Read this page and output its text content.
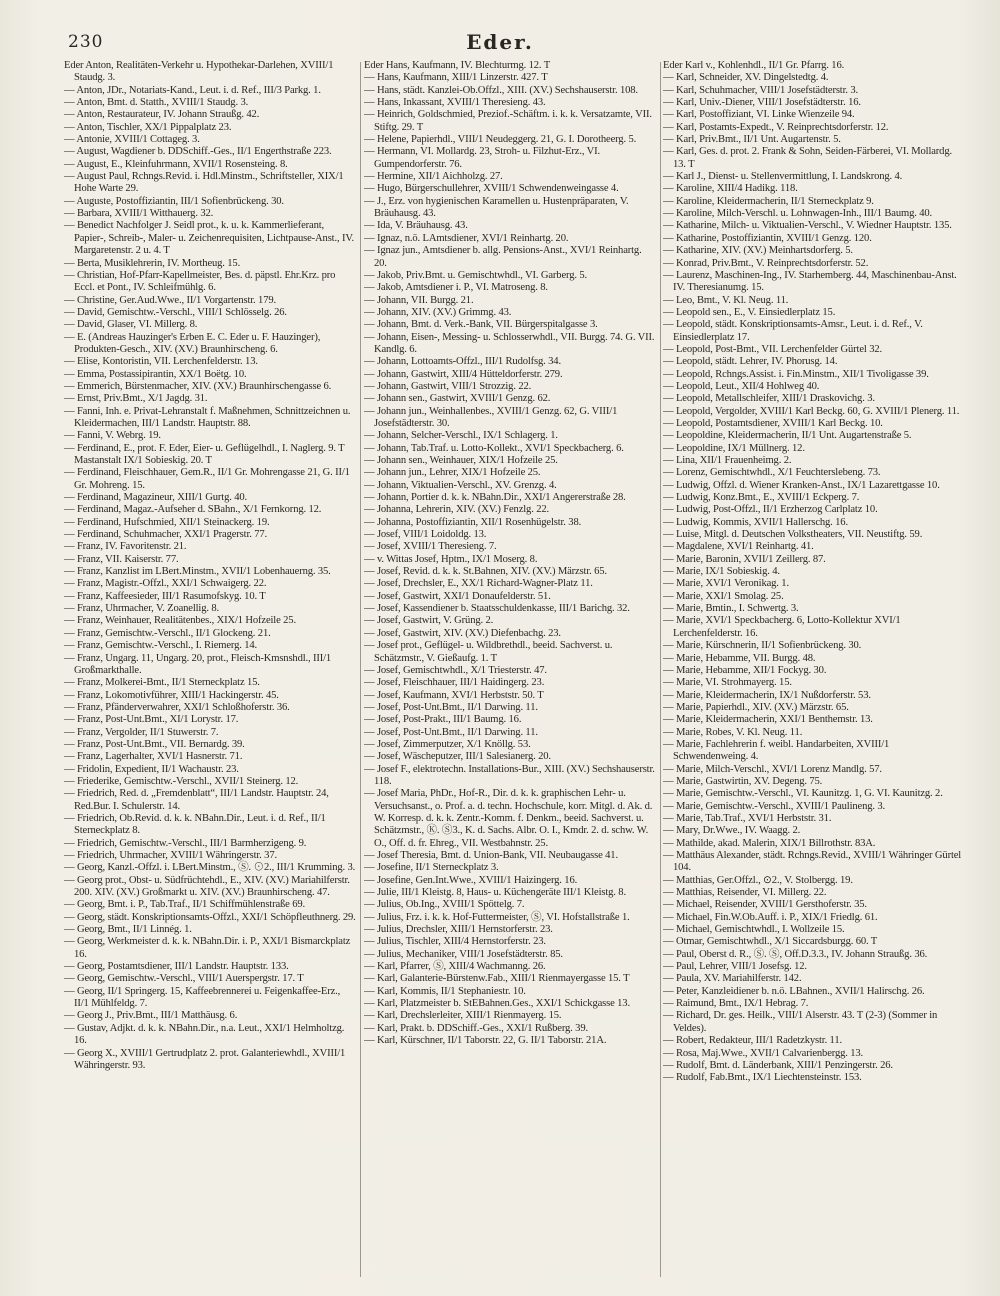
230	Eder.

Eder Anton, Realitäten-Verkehr u. Hypothekar-Darlehen, XVIII/1 Staudg. 3.

— Anton, JDr., Notariats-Kand., Leut. i. d. Ref., III/3 Parkg. 1.

— Anton, Bmt. d. Statth., XVIII/1 Staudg. 3.

— Anton, Restaurateur, IV. Johann Straußg. 42.

— Anton, Tischler, XX/1 Pippalplatz 23.

— Antonie, XVIII/1 Cottageg. 3.

— August, Wagdiener b. DDSchiff.-Ges., II/1 Engerthstraße 223.

— August, E., Kleinfuhrmann, XVII/1 Rosensteing. 8.

— August Paul, Rchngs.Revid. i. Hdl.Minstm., Schriftsteller, XIX/1 Hohe Warte 29.

— Auguste, Postoffiziantin, III/1 Sofienbrückeng. 30.

— Barbara, XVIII/1 Witthauerg. 32.

— Benedict Nachfolger J. Seidl prot., k. u. k. Kammerlieferant, Papier-, Schreib-, Maler- u. Zeichenrequisiten, Lichtpause-Anst., IV. Margaretenstr. 2 u. 4. T

— Berta, Musiklehrerin, IV. Mortheug. 15.

— Christian, Hof-Pfarr-Kapellmeister, Bes. d. päpstl. Ehr.Krz. pro Eccl. et Pont., IV. Schleifmühlg. 6.

— Christine, Ger.Aud.Wwe., II/1 Vorgartenstr. 179.

— David, Gemischtw.-Verschl., VIII/1 Schlösselg. 26.

— David, Glaser, VI. Millerg. 8.

— E. (Andreas Hauzinger's Erben E. C. Eder u. F. Hauzinger), Produkten-Gesch., XIV. (XV.) Braunhirscheng. 6.

— Elise, Kontoristin, VII. Lerchenfelderstr. 13.

— Emma, Postassipirantin, XX/1 Boëtg. 10.

— Emmerich, Bürstenmacher, XIV. (XV.) Braunhirschengasse 6.

— Ernst, Priv.Bmt., X/1 Jagdg. 31.

— Fanni, Inh. e. Privat-Lehranstalt f. Maßnehmen, Schnittzeichnen u. Kleidermachen, III/1 Landstr. Hauptstr. 88.

— Fanni, V. Webrg. 19.

— Ferdinand, E., prot. F. Eder, Eier- u. Geflügelhdl., I. Naglerg. 9. T Mastanstalt IX/1 Sobieskig. 20. T

— Ferdinand, Fleischhauer, Gem.R., II/1 Gr. Mohrengasse 21, G. II/1 Gr. Mohreng. 15.

— Ferdinand, Magazineur, XIII/1 Gurtg. 40.

— Ferdinand, Magaz.-Aufseher d. SBahn., X/1 Fernkorng. 12.

— Ferdinand, Hufschmied, XII/1 Steinackerg. 19.

— Ferdinand, Schuhmacher, XXI/1 Pragerstr. 77.

— Franz, IV. Favoritenstr. 21.

— Franz, VII. Kaiserstr. 77.

— Franz, Kanzlist im LBert.Minstm., XVII/1 Lobenhauerng. 35.

— Franz, Magistr.-Offzl., XXI/1 Schwaigerg. 22.

— Franz, Kaffeesieder, III/1 Rasumofskyg. 10. T

— Franz, Uhrmacher, V. Zoanellig. 8.

— Franz, Weinhauer, Realitätenbes., XIX/1 Hofzeile 25.

— Franz, Gemischtw.-Verschl., II/1 Glockeng. 21.

— Franz, Gemischtw.-Verschl., I. Riemerg. 14.

— Franz, Ungarg. 11, Ungarg. 20, prot., Fleisch-Kmsnshdl., III/1 Großmarkthalle.

— Franz, Molkerei-Bmt., II/1 Sterneckplatz 15.

— Franz, Lokomotivführer, XIII/1 Hackingerstr. 45.

— Franz, Pfänderverwahrer, XXI/1 Schloßhoferstr. 36.

— Franz, Post-Unt.Bmt., XI/1 Lorystr. 17.

— Franz, Vergolder, II/1 Stuwerstr. 7.

— Franz, Post-Unt.Bmt., VII. Bernardg. 39.

— Franz, Lagerhalter, XVI/1 Hasnerstr. 71.

— Fridolin, Expedient, II/1 Wachaustr. 23.

— Friederike, Gemischtw.-Verschl., XVII/1 Steinerg. 12.

— Friedrich, Red. d. „Fremdenblatt“, III/1 Landstr. Hauptstr. 24, Red.Bur. I. Schulerstr. 14.

— Friedrich, Ob.Revid. d. k. k. NBahn.Dir., Leut. i. d. Ref., II/1 Sterneckplatz 8.

— Friedrich, Gemischtw.-Verschl., III/1 Barmherzigeng. 9.

— Friedrich, Uhrmacher, XVIII/1 Währingerstr. 37.

— Georg, Kanzl.-Offzl. i. LBert.Minstm., Ⓢ. ⊙2., III/1 Krumming. 3.

— Georg prot., Obst- u. Südfrüchtehdl., E., XIV. (XV.) Mariahilferstr. 200. XIV. (XV.) Großmarkt u. XIV. (XV.) Braunhirscheng. 47.

— Georg, Bmt. i. P., Tab.Traf., II/1 Schiffmühlenstraße 69.

— Georg, städt. Konskriptionsamts-Offzl., XXI/1 Schöpfleuthnerg. 29.

— Georg, Bmt., II/1 Linnég. 1.

— Georg, Werkmeister d. k. k. NBahn.Dir. i. P., XXI/1 Bismarckplatz 16.

— Georg, Postamtsdiener, III/1 Landstr. Hauptstr. 133.

— Georg, Gemischtw.-Verschl., VIII/1 Auerspergstr. 17. T

— Georg, II/1 Springerg. 15, Kaffeebrennerei u. Feigenkaffee-Erz., II/1 Mühlfeldg. 7.

— Georg J., Priv.Bmt., III/1 Matthäusg. 6.

— Gustav, Adjkt. d. k. k. NBahn.Dir., n.a. Leut., XXI/1 Helmholtzg. 16.

— Georg X., XVIII/1 Gertrudplatz 2. prot. Galanteriewhdl., XVIII/1 Währingerstr. 93.

Eder Hans, Kaufmann, IV. Blechturmg. 12. T

— Hans, Kaufmann, XIII/1 Linzerstr. 427. T

— Hans, städt. Kanzlei-Ob.Offzl., XIII. (XV.) Sechshauserstr. 108.

— Hans, Inkassant, XVIII/1 Theresieng. 43.

— Heinrich, Goldschmied, Preziof.-Schäftm. i. k. k. Versatzamte, VII. Stiftg. 29. T

— Helene, Papierhdl., VIII/1 Neudeggerg. 21, G. I. Dorotheerg. 5.

— Hermann, VI. Mollardg. 23, Stroh- u. Filzhut-Erz., VI. Gumpendorferstr. 76.

— Hermine, XII/1 Aichholzg. 27.

— Hugo, Bürgerschullehrer, XVIII/1 Schwendenweingasse 4.

— J., Erz. von hygienischen Karamellen u. Hustenpräparaten, V. Bräuhausg. 43.

— Ida, V. Bräuhausg. 43.

— Ignaz, n.ö. LAmtsdiener, XVI/1 Reinhartg. 20.

— Ignaz jun., Amtsdiener b. allg. Pensions-Anst., XVI/1 Reinhartg. 20.

— Jakob, Priv.Bmt. u. Gemischtwhdl., VI. Garberg. 5.

— Jakob, Amtsdiener i. P., VI. Matroseng. 8.

— Johann, VII. Burgg. 21.

— Johann, XIV. (XV.) Grimmg. 43.

— Johann, Bmt. d. Verk.-Bank, VII. Bürgerspitalgasse 3.

— Johann, Eisen-, Messing- u. Schlosserwhdl., VII. Burgg. 74. G. VII. Kandlg. 6.

— Johann, Lottoamts-Offzl., III/1 Rudolfsg. 34.

— Johann, Gastwirt, XIII/4 Hütteldorferstr. 279.

— Johann, Gastwirt, VIII/1 Strozzig. 22.

— Johann sen., Gastwirt, XVIII/1 Genzg. 62.

— Johann jun., Weinhallenbes., XVIII/1 Genzg. 62, G. VIII/1 Josefstädterstr. 30.

— Johann, Selcher-Verschl., IX/1 Schlagerg. 1.

— Johann, Tab.Traf. u. Lotto-Kollekt., XVI/1 Speckbacherg. 6.

— Johann sen., Weinhauer, XIX/1 Hofzeile 25.

— Johann jun., Lehrer, XIX/1 Hofzeile 25.

— Johann, Viktualien-Verschl., XV. Grenzg. 4.

— Johann, Portier d. k. k. NBahn.Dir., XXI/1 Angererstraße 28.

— Johanna, Lehrerin, XIV. (XV.) Fenzlg. 22.

— Johanna, Postoffiziantin, XII/1 Rosenhügelstr. 38.

— Josef, VIII/1 Loidoldg. 13.

— Josef, XVIII/1 Theresieng. 7.

— v. Wittas Josef, Hptm., IX/1 Moserg. 8.

— Josef, Revid. d. k. k. St.Bahnen, XIV. (XV.) Märzstr. 65.

— Josef, Drechsler, E., XX/1 Richard-Wagner-Platz 11.

— Josef, Gastwirt, XXI/1 Donaufelderstr. 51.

— Josef, Kassendiener b. Staatsschuldenkasse, III/1 Barichg. 32.

— Josef, Gastwirt, V. Grüng. 2.

— Josef, Gastwirt, XIV. (XV.) Diefenbachg. 23.

— Josef prot., Geflügel- u. Wildbrethdl., beeid. Sachverst. u. Schätzmstr., V. Gießaufg. 1. T

— Josef, Gemischtwhdl., X/1 Triesterstr. 47.

— Josef, Fleischhauer, III/1 Haidingerg. 23.

— Josef, Kaufmann, XVI/1 Herbststr. 50. T

— Josef, Post-Unt.Bmt., II/1 Darwing. 11.

— Josef, Post-Prakt., III/1 Baumg. 16.

— Josef, Post-Unt.Bmt., II/1 Darwing. 11.

— Josef, Zimmerputzer, X/1 Knöllg. 53.

— Josef, Wäscheputzer, III/1 Salesianerg. 20.

— Josef F., elektrotechn. Installations-Bur., XIII. (XV.) Sechshauserstr. 118.

— Josef Maria, PhDr., Hof-R., Dir. d. k. k. graphischen Lehr- u. Versuchsanst., o. Prof. a. d. techn. Hochschule, korr. Mitgl. d. Ak. d. W. Korresp. d. k. k. Zentr.-Komm. f. Denkm., beeid. Sachverst. u. Schätzmstr., Ⓚ. Ⓢ3., K. d. Sachs. Albr. O. I., Kmdr. 2. d. schw. W. O., Off. d. fr. Ehreg., VII. Westbahnstr. 25.

— Josef Theresia, Bmt. d. Union-Bank, VII. Neubaugasse 41.

— Josefine, II/1 Sterneckplatz 3.

— Josefine, Gen.Int.Wwe., XVIII/1 Haizingerg. 16.

— Julie, III/1 Kleistg. 8, Haus- u. Küchengeräte III/1 Kleistg. 8.

— Julius, Ob.Ing., XVIII/1 Spöttelg. 7.

— Julius, Frz. i. k. k. Hof-Futtermeister, Ⓢ, VI. Hofstallstraße 1.

— Julius, Drechsler, XIII/1 Hernstorferstr. 23.

— Julius, Tischler, XIII/4 Hernstorferstr. 23.

— Julius, Mechaniker, VIII/1 Josefstädterstr. 85.

— Karl, Pfarrer, Ⓢ, XIII/4 Wachmanng. 26.

— Karl, Galanterie-Bürstenw.Fab., XIII/1 Rienmayergasse 15. T

— Karl, Kommis, II/1 Stephaniestr. 10.

— Karl, Platzmeister b. StEBahnen.Ges., XXI/1 Schickgasse 13.

— Karl, Drechslerleiter, XIII/1 Rienmayerg. 15.

— Karl, Prakt. b. DDSchiff.-Ges., XXI/1 Rußberg. 39.

— Karl, Kürschner, II/1 Taborstr. 22, G. II/1 Taborstr. 21A.

Eder Karl v., Kohlenhdl., II/1 Gr. Pfarrg. 16.

— Karl, Schneider, XV. Dingelstedtg. 4.

— Karl, Schuhmacher, VIII/1 Josefstädterstr. 3.

— Karl, Univ.-Diener, VIII/1 Josefstädterstr. 16.

— Karl, Postoffiziant, VI. Linke Wienzeile 94.

— Karl, Postamts-Expedt., V. Reinprechtsdorferstr. 12.

— Karl, Priv.Bmt., II/1 Unt. Augartenstr. 5.

— Karl, Ges. d. prot. 2. Frank & Sohn, Seiden-Färberei, VI. Mollardg. 13. T

— Karl J., Dienst- u. Stellenvermittlung, I. Landskrong. 4.

— Karoline, XIII/4 Hadikg. 118.

— Karoline, Kleidermacherin, II/1 Sterneckplatz 9.

— Karoline, Milch-Verschl. u. Lohnwagen-Inh., III/1 Baumg. 40.

— Katharine, Milch- u. Viktualien-Verschl., V. Wiedner Hauptstr. 135.

— Katharine, Postoffiziantin, XVIII/1 Genzg. 120.

— Katharine, XIV. (XV.) Meinhartsdorferg. 5.

— Konrad, Priv.Bmt., V. Reinprechtsdorferstr. 52.

— Laurenz, Maschinen-Ing., IV. Starhemberg. 44, Maschinenbau-Anst. IV. Theresianumg. 15.

— Leo, Bmt., V. Kl. Neug. 11.

— Leopold sen., E., V. Einsiedlerplatz 15.

— Leopold, städt. Konskriptionsamts-Amsr., Leut. i. d. Ref., V. Einsiedlerplatz 17.

— Leopold, Post-Bmt., VII. Lerchenfelder Gürtel 32.

— Leopold, städt. Lehrer, IV. Phorusg. 14.

— Leopold, Rchngs.Assist. i. Fin.Minstm., XII/1 Tivoligasse 39.

— Leopold, Leut., XII/4 Hohlweg 40.

— Leopold, Metallschleifer, XIII/1 Draskovichg. 3.

— Leopold, Vergolder, XVIII/1 Karl Beckg. 60, G. XVIII/1 Plenerg. 11.

— Leopold, Postamtsdiener, XVIII/1 Karl Beckg. 10.

— Leopoldine, Kleidermacherin, II/1 Unt. Augartenstraße 5.

— Leopoldine, IX/1 Müllnerg. 12.

— Lina, XII/1 Frauenheimg. 2.

— Lorenz, Gemischtwhdl., X/1 Feuchterslebeng. 73.

— Ludwig, Offzl. d. Wiener Kranken-Anst., IX/1 Lazarettgasse 10.

— Ludwig, Konz.Bmt., E., XVIII/1 Eckperg. 7.

— Ludwig, Post-Offzl., II/1 Erzherzog Carlplatz 10.

— Ludwig, Kommis, XVII/1 Hallerschg. 16.

— Luise, Mitgl. d. Deutschen Volkstheaters, VII. Neustiftg. 59.

— Magdalene, XVI/1 Reinhartg. 41.

— Marie, Baronin, XVII/1 Zeillerg. 87.

— Marie, IX/1 Sobieskig. 4.

— Marie, XVI/1 Veronikag. 1.

— Marie, XXI/1 Smolag. 25.

— Marie, Bmtin., I. Schwertg. 3.

— Marie, XVI/1 Speckbacherg. 6, Lotto-Kollektur XVI/1 Lerchenfelderstr. 16.

— Marie, Kürschnerin, II/1 Sofienbrückeng. 30.

— Marie, Hebamme, VII. Burgg. 48.

— Marie, Hebamme, XII/1 Fockyg. 30.

— Marie, VI. Strohmayerg. 15.

— Marie, Kleidermacherin, IX/1 Nußdorferstr. 53.

— Marie, Papierhdl., XIV. (XV.) Märzstr. 65.

— Marie, Kleidermacherin, XXI/1 Benthemstr. 13.

— Marie, Robes, V. Kl. Neug. 11.

— Marie, Fachlehrerin f. weibl. Handarbeiten, XVIII/1 Schwendenweing. 4.

— Marie, Milch-Verschl., XVI/1 Lorenz Mandlg. 57.

— Marie, Gastwirtin, XV. Degeng. 75.

— Marie, Gemischtw.-Verschl., VI. Kaunitzg. 1, G. VI. Kaunitzg. 2.

— Marie, Gemischtw.-Verschl., XVIII/1 Paulineng. 3.

— Marie, Tab.Traf., XVI/1 Herbststr. 31.

— Mary, Dr.Wwe., IV. Waagg. 2.

— Mathilde, akad. Malerin, XIX/1 Billrothstr. 83A.

— Matthäus Alexander, städt. Rchngs.Revid., XVIII/1 Währinger Gürtel 104.

— Matthias, Ger.Offzl., ⊙2., V. Stolbergg. 19.

— Matthias, Reisender, VI. Millerg. 22.

— Michael, Reisender, XVIII/1 Gersthoferstr. 35.

— Michael, Fin.W.Ob.Auff. i. P., XIX/1 Friedlg. 61.

— Michael, Gemischtwhdl., I. Wollzeile 15.

— Otmar, Gemischtwhdl., X/1 Siccardsburgg. 60. T

— Paul, Oberst d. R., Ⓢ. Ⓢ, Off.D.3.3., IV. Johann Straußg. 36.

— Paul, Lehrer, VIII/1 Josefsg. 12.

— Paula, XV. Mariahilferstr. 142.

— Peter, Kanzleidiener b. n.ö. LBahnen., XVII/1 Halirschg. 26.

— Raimund, Bmt., IX/1 Hebrag. 7.

— Richard, Dr. ges. Heilk., VIII/1 Alserstr. 43. T (2-3) (Sommer in Veldes).

— Robert, Redakteur, III/1 Radetzkystr. 11.

— Rosa, Maj.Wwe., XVII/1 Calvarienbergg. 13.

— Rudolf, Bmt. d. Länderbank, XIII/1 Penzingerstr. 26.

— Rudolf, Fab.Bmt., IX/1 Liechtensteinstr. 153.
